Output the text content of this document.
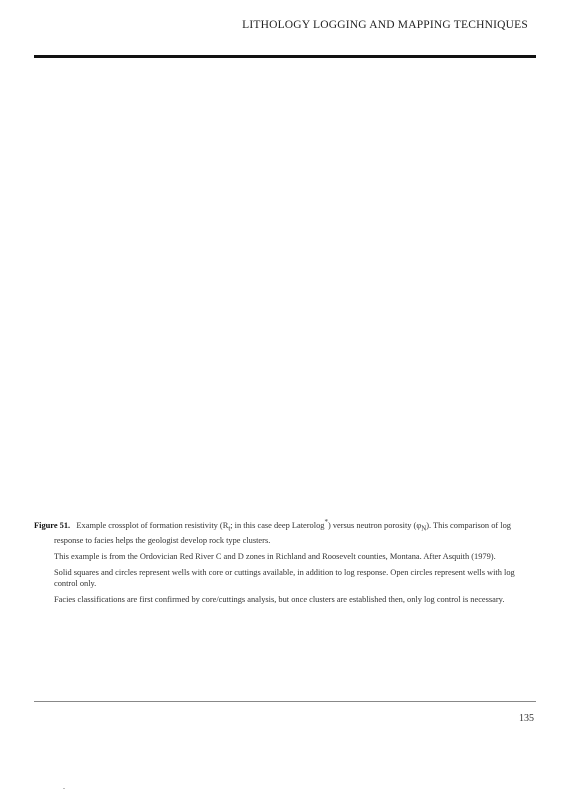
LITHOLOGY LOGGING AND MAPPING TECHNIQUES

Figure 51. Example crossplot of formation resistivity ($R_t$; in this case deep Laterolog*) versus neutron porosity $(\varphi_N)$. This comparison of log response to facies helps the geologist develop rock type clusters.

This example is from the Ordovician Red River C and D zones in Richland and Roosevelt counties, Montana. After Asquith (1979).

Solid squares and circles represent wells with core or cuttings available, in addition to log response. Open circles represent wells with log control only.

Facies classifications are first confirmed by core/cuttings analysis, but once clusters are established then, only log control is necessary.

135
